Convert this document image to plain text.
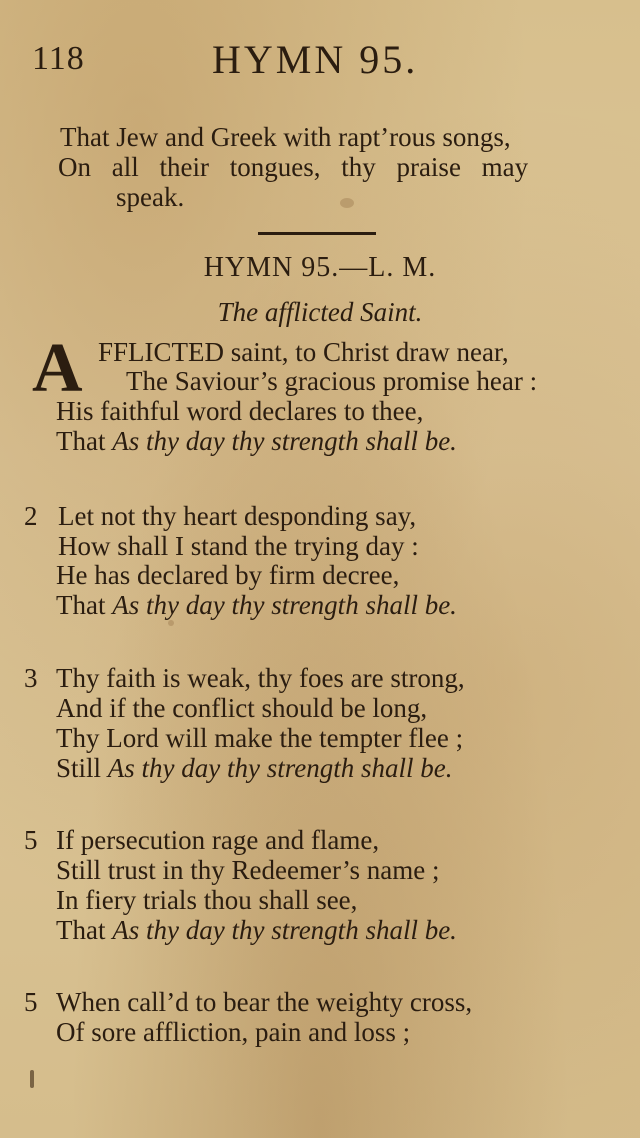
118	HYMN 95.
That Jew and Greek with rapt’rous songs,
On all their tongues, thy praise may
speak.
HYMN 95.—L. M.
The afflicted Saint.
A FFLICTED saint, to Christ draw near,
The Saviour’s gracious promise hear :
His faithful word declares to thee,
That As thy day thy strength shall be.
2 Let not thy heart desponding say,
How shall I stand the trying day :
He has declared by firm decree,
That As thy day thy strength shall be.
3 Thy faith is weak, thy foes are strong,
And if the conflict should be long,
Thy Lord will make the tempter flee ;
Still As thy day thy strength shall be.
5 If persecution rage and flame,
Still trust in thy Redeemer’s name ;
In fiery trials thou shall see,
That As thy day thy strength shall be.
5 When call’d to bear the weighty cross,
Of sore affliction, pain and loss ;
